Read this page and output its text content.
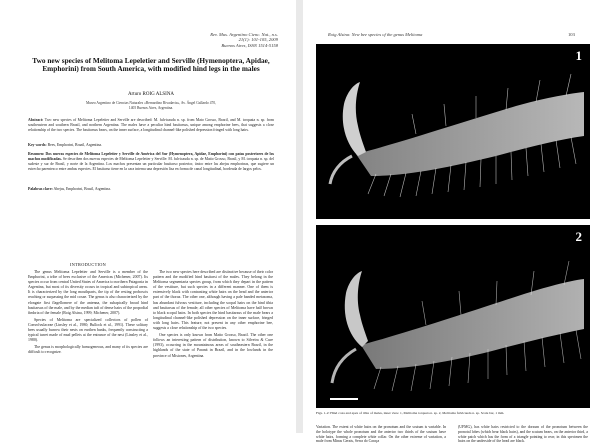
Rev. Mus. Argentino Cienc. Nat., n.s.
21(1): 101-105, 2009
Buenos Aires, ISSN 1514-5158
Two new species of Melitoma Lepeletier and Serville (Hymenoptera, Apidae, Emphorini) from South America, with modified hind legs in the males
Arturo ROIG ALSINA
Museo Argentino de Ciencias Naturales «Bernardino Rivadavia», Av. Ángel Gallardo 470,
1405 Buenos Aires, Argentina.
Abstract: Two new species of Melitoma Lepeletier and Serville are described: M. fulvicauda n. sp. from Mato Grosso, Brazil, and M. torquata n. sp. from southeastern and southern Brazil, and northern Argentina. The males have a peculiar hind basitarsus, unique among emphorine bees, that suggests a close relationship of the two species. The basitarsus bears, on the inner surface, a longitudinal channel-like polished depression fringed with long hairs.
Key words: Bees, Emphorini, Brazil, Argentina.
Resumen: Dos nuevas especies de Melitoma Lepeletier y Serville de América del Sur (Hymenoptera, Apidae, Emphorini) con patas posteriores de los machos modificadas. Se describen dos nuevas especies de Melitoma Lepeletier y Serville: M. fulvicauda n. sp. de Matto Grosso, Brasil, y M. torquata n. sp. del sudeste y sur de Brasil, y norte de la Argentina. Los machos presentan un particular basitarso posterior, único entre las abejas emphorinas, que sugiere un estrecho parentesco entre ambas especies. El basitarso tiene en la cara interna una depresión lisa en forma de canal longitudinal, bordeada de largos pelos.
Palabras clave: Abejas, Emphorini, Brasil, Argentina.
INTRODUCTION

The genus Melitoma Lepeletier and Serville is a member of the Emphorini, a tribe of bees exclusive of the Americas (Michener, 2007). Its species occur from central United States of America to northern Patagonia in Argentina, but most of its diversity occurs in tropical and subtropical areas. It is characterized by the long mouthparts, the tip of the resting proboscis reaching or surpassing the mid coxae. The genus is also characterized by the elongate first flagellomere of the antenna, the subapically broad hind basitarsus of the male, and by the median tuft of dense hairs of the propodial fimbria of the female (Roig Alsina, 1999; Michener, 2007).

Species of Melitoma are specialized collectors of pollen of Convolvulaceae (Linsley et al., 1980; Bullock et al., 1991). These solitary bees usually burrow their nests on earthen banks, frequently constructing a typical turret made of mud pellets at the entrance of the nest (Linsley et al., 1980).

The genus is morphologically homogeneous, and many of its species are difficult to recognize.

The two new species here described are distinctive because of their color pattern and the modified hind basitarsi of the males. They belong in the Melitoma segmentaria species group, from which they depart in the pattern of the vestiture, but such species in a different manner. One of them is extensively black with contrasting white hairs on the head and the anterior part of the thorax. The other one, although having a pale banded metasoma, has abundant fulvous vestiture, including the scopal hairs on the hind tibia and basitarsus of the female; all other species of Melitoma have half brown to black scopal hairs. In both species the hind basitarsus of the male bears a longitudinal channel-like polished depression on the inner surface, fringed with long hairs. This feature, not present in any other emphorine bee, suggests a close relationship of the two species.

One species is only known from Matto Grosso, Brazil. The other one follows an interesting pattern of distribution, known to Silveira & Cure (1993), occurring in the mountainous areas of southeastern Brazil, in the highlands of the state of Paraná in Brazil, and in the lowlands in the province of Misiones, Argentina.

Roig Alsina: New bee species of the genus Melitoma	103
1
2
Figs. 1-2: Hind coxa and apex of tibia of males, inner view. 1, Melitoma torquata n. sp. 2, Melitoma fulvicauda n. sp. Scale bar, 1 mm.
Variation. The extent of white hairs on the pronotum and the scutum is variable. In the holotype the whole pronotum and the anterior two thirds of the scutum have white hairs, forming a complete white collar. On the other extreme of variation, a male from Minas Gerais, Serra do Caraça
(UFMG), has white hairs restricted to the dorsum of the pronotum between the pronotal lobes (which bear black hairs), and the scutum bears, on the anterior third, a white patch which has the form of a triangle pointing to rear; in this specimen the hairs on the underside of the head are black.
